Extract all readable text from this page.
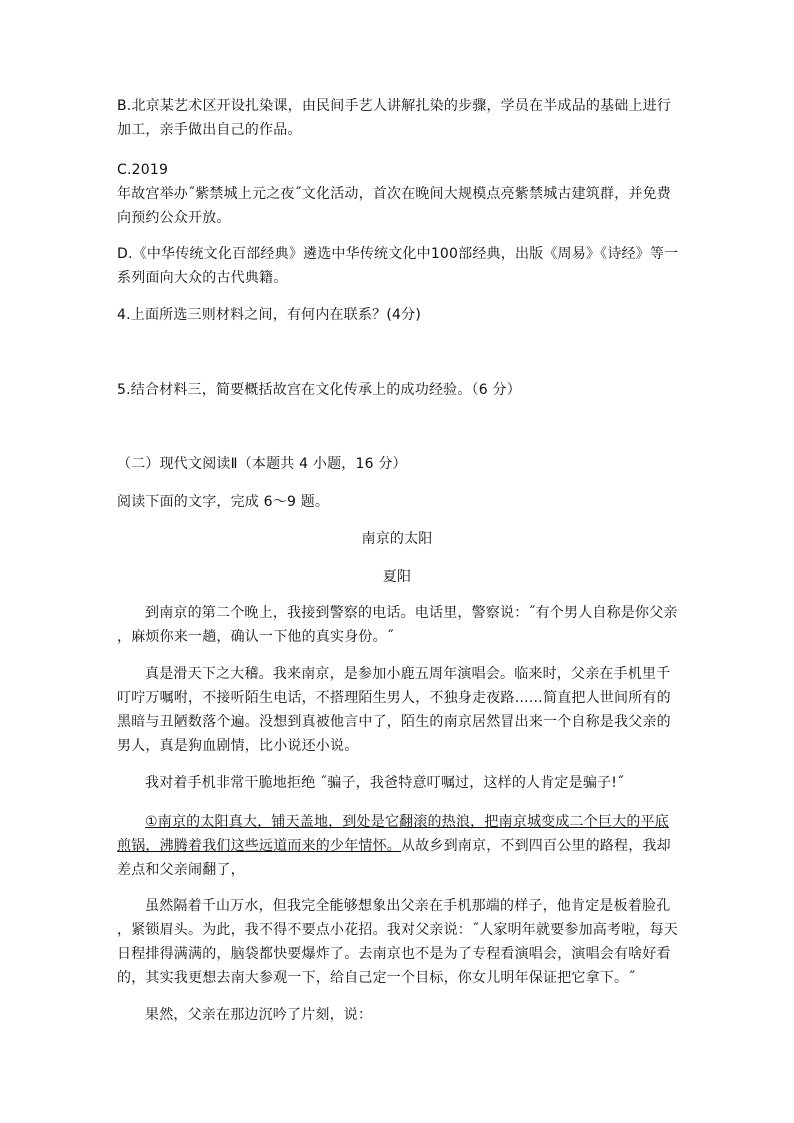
B.北京某艺术区开设扎染课，由民间手艺人讲解扎染的步骤，学员在半成品的基础上进行
加工，亲手做出自己的作品。
C.2019
年故宫举办˝紫禁城上元之夜˝文化活动，首次在晚间大规模点亮紫禁城古建筑群，并免费
向预约公众开放。
D.《中华传统文化百部经典》遴选中华传统文化中100部经典，出版《周易》《诗经》等一
系列面向大众的古代典籍。
4.上面所选三则材料之间，有何内在联系？(4分)
5.结合材料三，简要概括故宫在文化传承上的成功经验。（6 分）
（二）现代文阅读Ⅱ（本题共 4 小题，16 分）
阅读下面的文字，完成 6～9 题。
南京的太阳
夏阳
到南京的第二个晚上，我接到警察的电话。电话里，警察说：˝有个男人自称是你父亲
，麻烦你来一趟，确认一下他的真实身份。˝
真是滑天下之大稽。我来南京，是参加小鹿五周年演唱会。临来时，父亲在手机里千
叮咛万嘱咐，不接听陌生电话，不搭理陌生男人，不独身走夜路……简直把人世间所有的
黑暗与丑陋数落个遍。没想到真被他言中了，陌生的南京居然冒出来一个自称是我父亲的
男人，真是狗血剧情，比小说还小说。
我对着手机非常干脆地拒绝 ˝骗子，我爸特意叮嘱过，这样的人肯定是骗子!˝
①南京的太阳真大，铺天盖地，到处是它翻滚的热浪，把南京城变成二个巨大的平底
煎锅，沸腾着我们这些远道而来的少年情怀。从故乡到南京，不到四百公里的路程，我却
差点和父亲闹翻了，
虽然隔着千山万水，但我完全能够想象出父亲在手机那端的样子，他肯定是板着脸孔
，紧锁眉头。为此，我不得不要点小花招。我对父亲说：˝人家明年就要参加高考啦，每天
日程排得满满的，脑袋都快要爆炸了。去南京也不是为了专程看演唱会，演唱会有啥好看
的，其实我更想去南大参观一下，给自己定一个目标，你女儿明年保证把它拿下。˝
果然，父亲在那边沉吟了片刻，说：
